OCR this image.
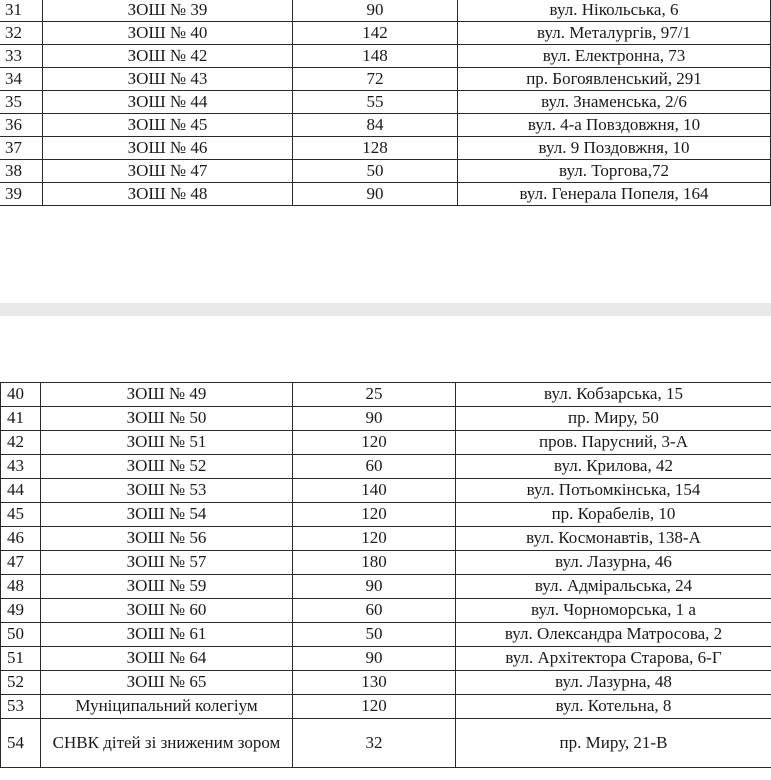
31	ЗОШ № 39	90	вул. Нікольська, 6
32	ЗОШ № 40	142	вул. Металургів, 97/1
33	ЗОШ № 42	148	вул. Електронна, 73
34	ЗОШ № 43	72	пр. Богоявленський, 291
35	ЗОШ № 44	55	вул. Знаменська, 2/6
36	ЗОШ № 45	84	вул. 4-а Повздовжня, 10
37	ЗОШ № 46	128	вул. 9 Поздовжня, 10
38	ЗОШ № 47	50	вул. Торгова,72
39	ЗОШ № 48	90	вул. Генерала Попеля, 164
40	ЗОШ № 49	25	вул. Кобзарська, 15
41	ЗОШ № 50	90	пр. Миру, 50
42	ЗОШ № 51	120	пров. Парусний, 3-А
43	ЗОШ № 52	60	вул. Крилова, 42
44	ЗОШ № 53	140	вул. Потьомкінська, 154
45	ЗОШ № 54	120	пр. Корабелів, 10
46	ЗОШ № 56	120	вул. Космонавтів, 138-А
47	ЗОШ № 57	180	вул. Лазурна, 46
48	ЗОШ № 59	90	вул. Адміральська, 24
49	ЗОШ № 60	60	вул. Чорноморська, 1 а
50	ЗОШ № 61	50	вул. Олександра Матросова, 2
51	ЗОШ № 64	90	вул. Архітектора Старова, 6-Г
52	ЗОШ № 65	130	вул. Лазурна, 48
53	Муніципальний колегіум	120	вул. Котельна, 8
54	СНВК дітей зі зниженим зором	32	пр. Миру, 21-В
